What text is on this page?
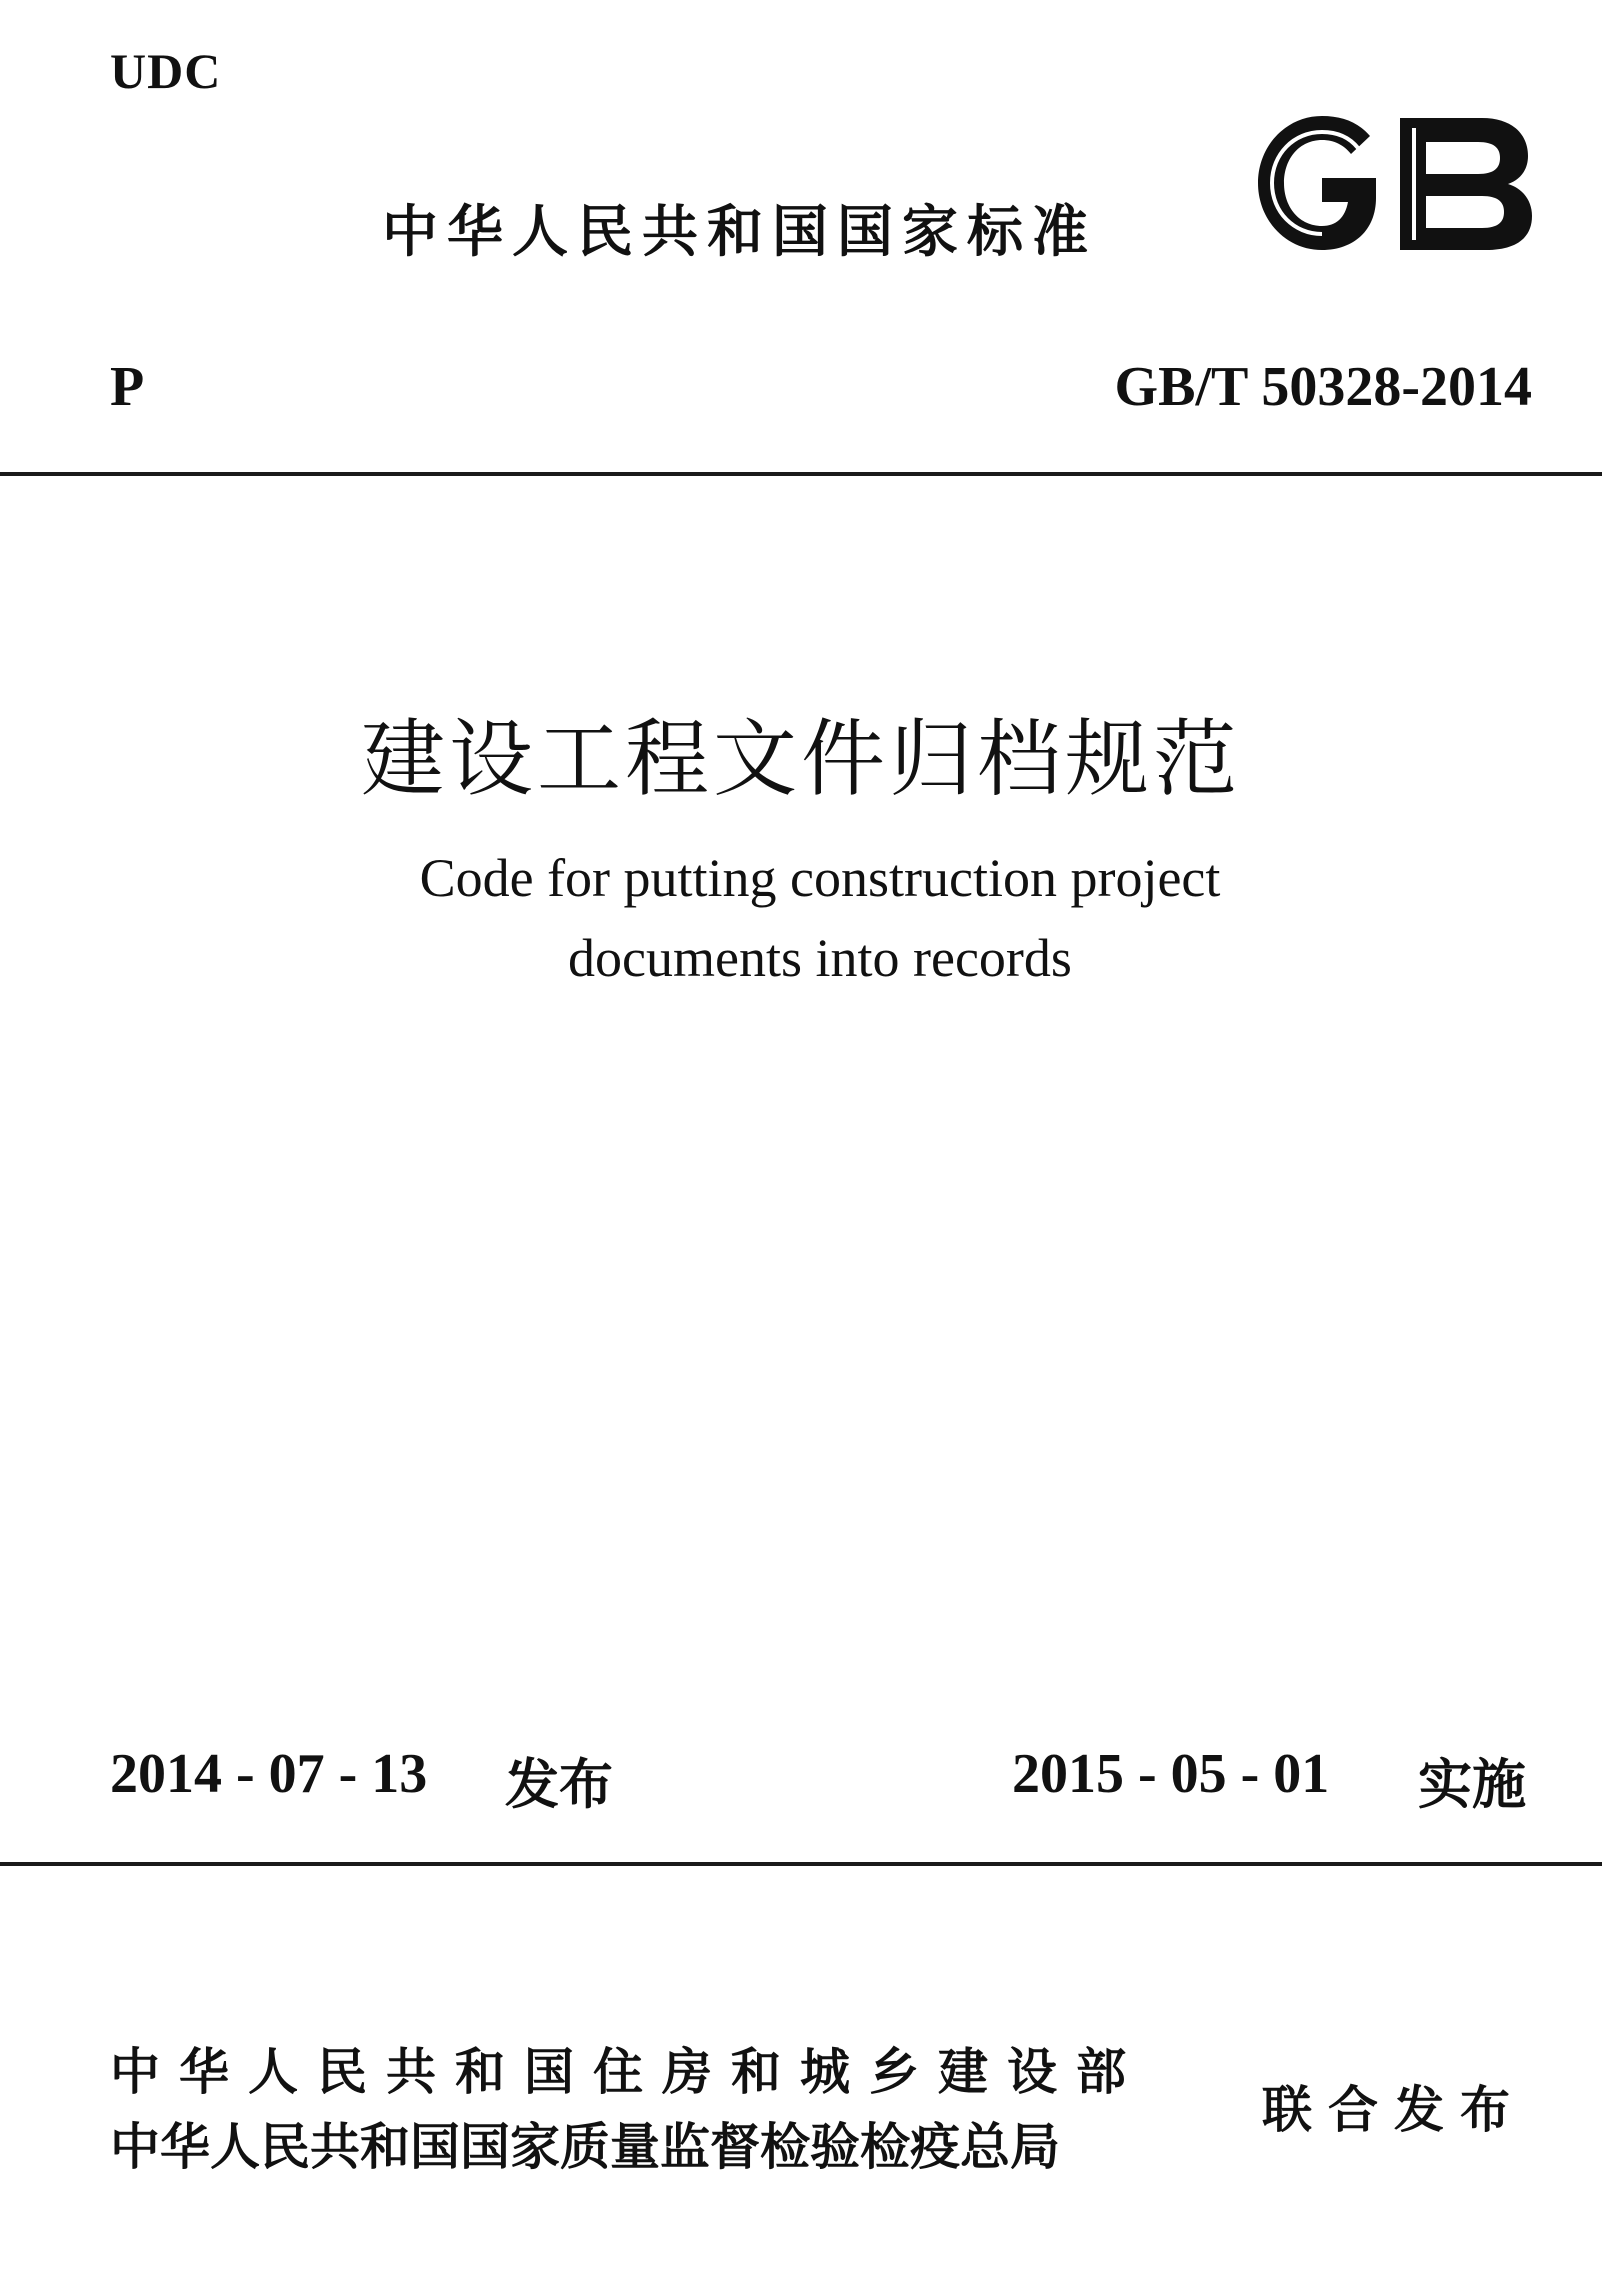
UDC
中华人民共和国国家标准
P	GB/T 50328-2014
建设工程文件归档规范
Code for putting construction project
documents into records
2014 - 07 - 13 发布	2015 - 05 - 01 实施
中华人民共和国住房和城乡建设部
中华人民共和国国家质量监督检验检疫总局
联合发布
